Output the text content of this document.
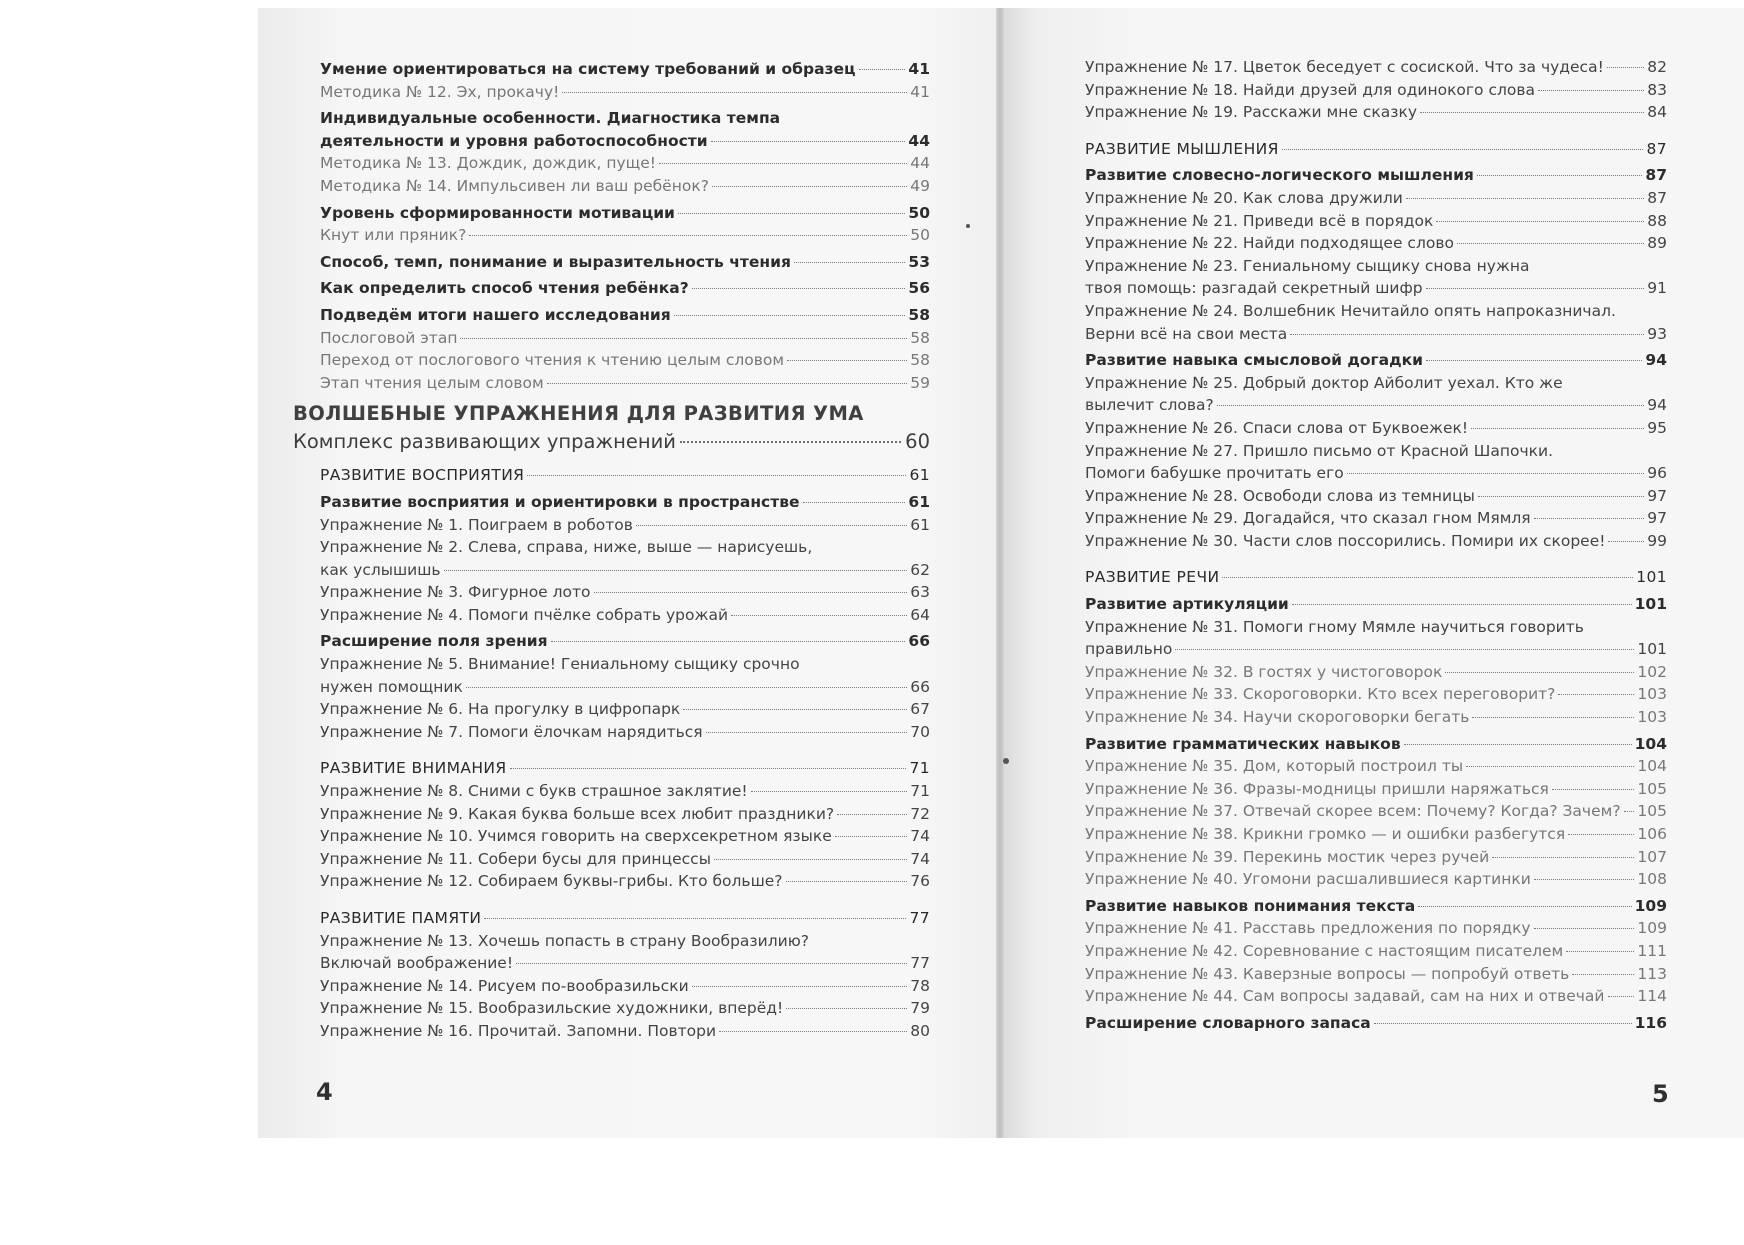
Умение ориентироваться на систему требований и образец	41
Методика № 12. Эх, прокачу!	41
Индивидуальные особенности. Диагностика темпа
деятельности и уровня работоспособности	44
Методика № 13. Дождик, дождик, пуще!	44
Методика № 14. Импульсивен ли ваш ребёнок?	49
Уровень сформированности мотивации	50
Кнут или пряник?	50
Способ, темп, понимание и выразительность чтения	53
Как определить способ чтения ребёнка?	56
Подведём итоги нашего исследования	58
Послоговой этап	58
Переход от послогового чтения к чтению целым словом	58
Этап чтения целым словом	59
ВОЛШЕБНЫЕ УПРАЖНЕНИЯ ДЛЯ РАЗВИТИЯ УМА
Комплекс развивающих упражнений	60
РАЗВИТИЕ ВОСПРИЯТИЯ	61
Развитие восприятия и ориентировки в пространстве	61
Упражнение № 1. Поиграем в роботов	61
Упражнение № 2. Слева, справа, ниже, выше — нарисуешь,
как услышишь	62
Упражнение № 3. Фигурное лото	63
Упражнение № 4. Помоги пчёлке собрать урожай	64
Расширение поля зрения	66
Упражнение № 5. Внимание! Гениальному сыщику срочно
нужен помощник	66
Упражнение № 6. На прогулку в цифропарк	67
Упражнение № 7. Помоги ёлочкам нарядиться	70
РАЗВИТИЕ ВНИМАНИЯ	71
Упражнение № 8. Сними с букв страшное заклятие!	71
Упражнение № 9. Какая буква больше всех любит праздники?	72
Упражнение № 10. Учимся говорить на сверхсекретном языке	74
Упражнение № 11. Собери бусы для принцессы	74
Упражнение № 12. Собираем буквы-грибы. Кто больше?	76
РАЗВИТИЕ ПАМЯТИ	77
Упражнение № 13. Хочешь попасть в страну Вообразилию?
Включай воображение!	77
Упражнение № 14. Рисуем по-вообразильски	78
Упражнение № 15. Вообразильские художники, вперёд!	79
Упражнение № 16. Прочитай. Запомни. Повтори	80
Упражнение № 17. Цветок беседует с сосиской. Что за чудеса!	82
Упражнение № 18. Найди друзей для одинокого слова	83
Упражнение № 19. Расскажи мне сказку	84
РАЗВИТИЕ МЫШЛЕНИЯ	87
Развитие словесно-логического мышления	87
Упражнение № 20. Как слова дружили	87
Упражнение № 21. Приведи всё в порядок	88
Упражнение № 22. Найди подходящее слово	89
Упражнение № 23. Гениальному сыщику снова нужна
твоя помощь: разгадай секретный шифр	91
Упражнение № 24. Волшебник Нечитайло опять напроказничал.
Верни всё на свои места	93
Развитие навыка смысловой догадки	94
Упражнение № 25. Добрый доктор Айболит уехал. Кто же
вылечит слова?	94
Упражнение № 26. Спаси слова от Буквоежек!	95
Упражнение № 27. Пришло письмо от Красной Шапочки.
Помоги бабушке прочитать его	96
Упражнение № 28. Освободи слова из темницы	97
Упражнение № 29. Догадайся, что сказал гном Мямля	97
Упражнение № 30. Части слов поссорились. Помири их скорее!	99
РАЗВИТИЕ РЕЧИ	101
Развитие артикуляции	101
Упражнение № 31. Помоги гному Мямле научиться говорить
правильно	101
Упражнение № 32. В гостях у чистоговорок	102
Упражнение № 33. Скороговорки. Кто всех переговорит?	103
Упражнение № 34. Научи скороговорки бегать	103
Развитие грамматических навыков	104
Упражнение № 35. Дом, который построил ты	104
Упражнение № 36. Фразы-модницы пришли наряжаться	105
Упражнение № 37. Отвечай скорее всем: Почему? Когда? Зачем? 105
Упражнение № 38. Крикни громко — и ошибки разбегутся	106
Упражнение № 39. Перекинь мостик через ручей	107
Упражнение № 40. Угомони расшалившиеся картинки	108
Развитие навыков понимания текста	109
Упражнение № 41. Расставь предложения по порядку	109
Упражнение № 42. Соревнование с настоящим писателем	111
Упражнение № 43. Каверзные вопросы — попробуй ответь	113
Упражнение № 44. Сам вопросы задавай, сам на них и отвечай 114
Расширение словарного запаса	116
4	5
